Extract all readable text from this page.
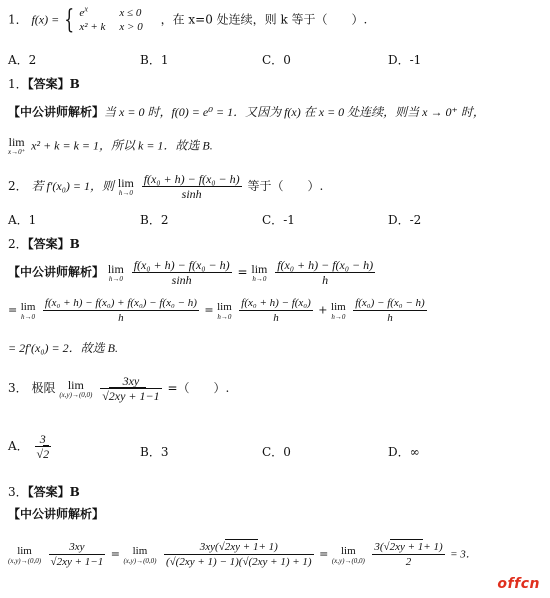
1． f(x) = { $e^x$	x ≤ 0
x² + k	x > 0 ，在 x=0 处连续，则 k 等于（　　）.
A．2	B．1	C．0	D．-1
1．【答案】B
【中公讲师解析】当 x = 0 时，f(0) = e⁰ = 1．又因为 f(x) 在 x = 0 处连续，则当 x → 0⁺ 时，
lim
x→0⁺ x² + k = k = 1，所以 k = 1．故选 B.
2． 若 f′(x₀) = 1，则 lim
h→0
$\frac{\text{f(x₀ + h) − f(x₀ − h)}}{\sinh}$ 等于（　　）.
A．1	B．2	C．-1	D．-2
2．【答案】B
【中公讲师解析】 lim
h→0
$\frac{\text{f(x₀ + h) − f(x₀ − h)}}{\sinh} = \lim$
h→0
$\frac{\text{f(x₀ + h) − f(x₀ − h)}}{h}$
= lim
h→0
$\frac{\text{f(x₀ + h) − f(x₀) + f(x₀) − f(x₀ − h)}}{h} = \lim$
h→0
$\frac{\text{f(x₀ + h) − f(x₀)}}{h} + \lim$
h→0
$\frac{\text{f(x₀) − f(x₀ − h)}}{h}$
= 2f′(x₀) = 2．故选 B.
3． 极限	lim
(x,y)→(0,0)
$\frac{3xy}{√2xy + 1-1}$ =（　　）.
A． $\frac{3}{√2}$	B．3	C．0	D．∞
3．【答案】B
【中公讲师解析】
lim
(x,y)→(0,0)
$\frac{3xy}{√2xy + 1-1}$ =	lim
(x,y)→(0,0)
$\frac{3xy(√2xy + 1+ 1)}{(√(2xy + 1) - 1)(√(2xy + 1) + 1)}$ =	lim
(x,y)→(0,0)
$\frac{3(√2xy + 1+ 1)}{2} = 3$．
offcn
